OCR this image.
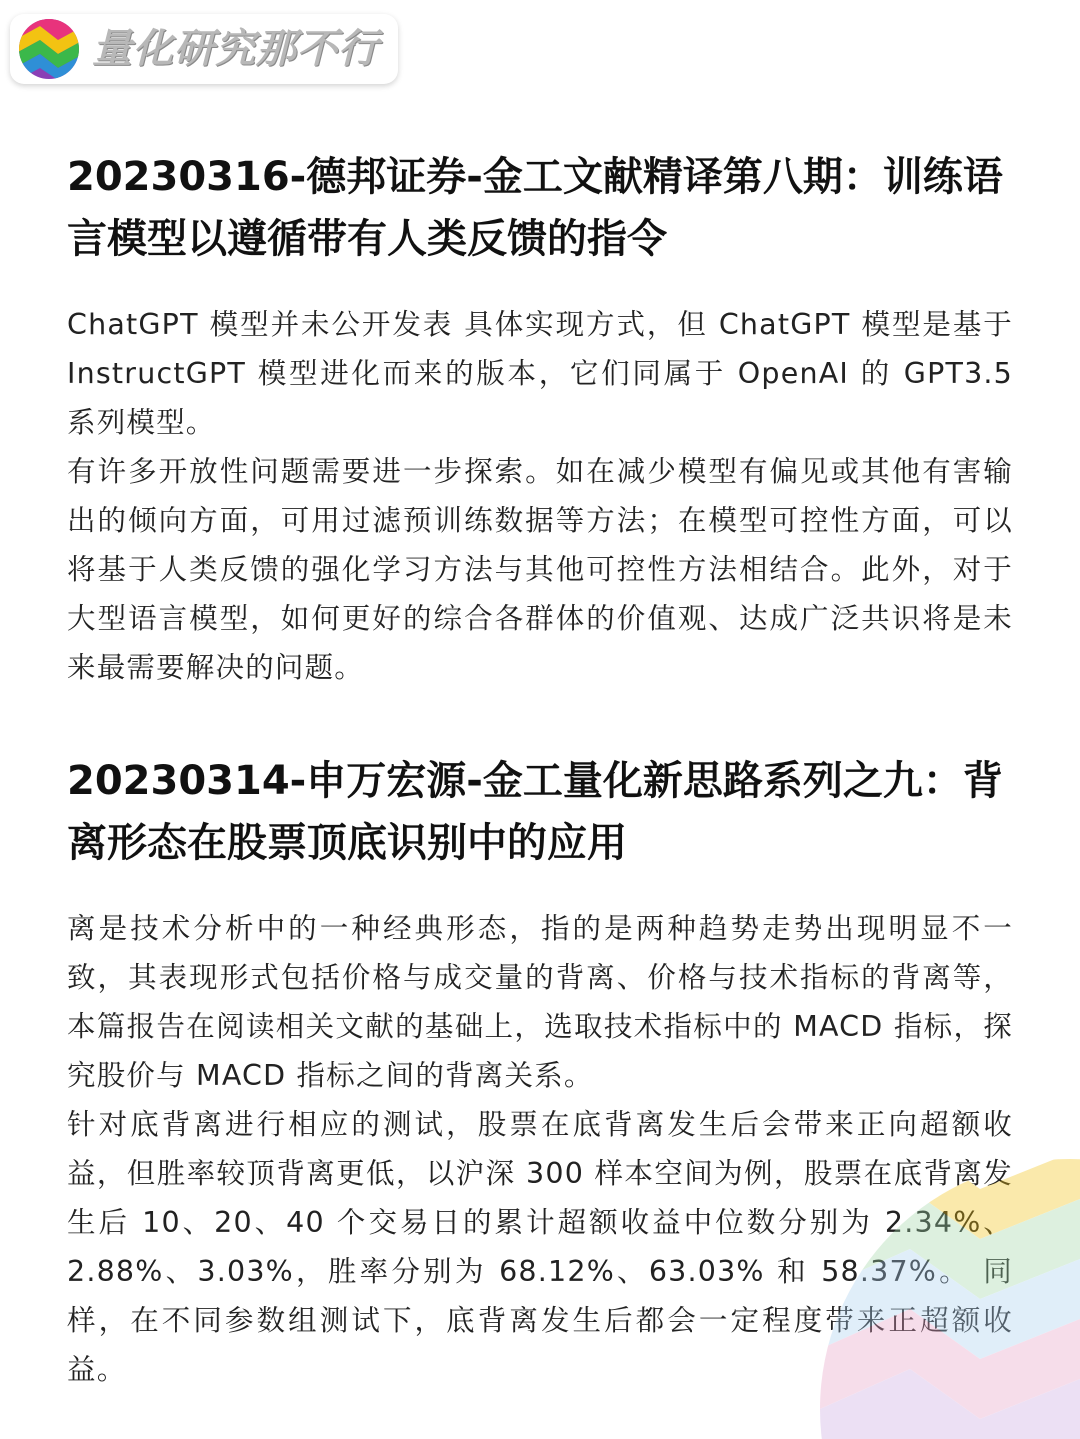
量化研究那不行
20230316-德邦证券-金工文献精译第八期：训练语言模型以遵循带有人类反馈的指令

ChatGPT 模型并未公开发表 具体实现方式，但 ChatGPT 模型是基于 InstructGPT 模型进化而来的版本，它们同属于 OpenAI 的 GPT3.5 系列模型。

有许多开放性问题需要进一步探索。如在减少模型有偏见或其他有害输出的倾向方面，可用过滤预训练数据等方法；在模型可控性方面，可以将基于人类反馈的强化学习方法与其他可控性方法相结合。此外，对于大型语言模型，如何更好的综合各群体的价值观、达成广泛共识将是未来最需要解决的问题。

20230314-申万宏源-金工量化新思路系列之九：背离形态在股票顶底识别中的应用

离是技术分析中的一种经典形态，指的是两种趋势走势出现明显不一致，其表现形式包括价格与成交量的背离、价格与技术指标的背离等，本篇报告在阅读相关文献的基础上，选取技术指标中的 MACD 指标，探究股价与 MACD 指标之间的背离关系。

针对底背离进行相应的测试，股票在底背离发生后会带来正向超额收益，但胜率较顶背离更低，以沪深 300 样本空间为例，股票在底背离发生后 10、20、40 个交易日的累计超额收益中位数分别为 2.34%、2.88%、3.03%，胜率分别为 68.12%、63.03% 和 58.37%。 同样，在不同参数组测试下，底背离发生后都会一定程度带来正超额收益。
